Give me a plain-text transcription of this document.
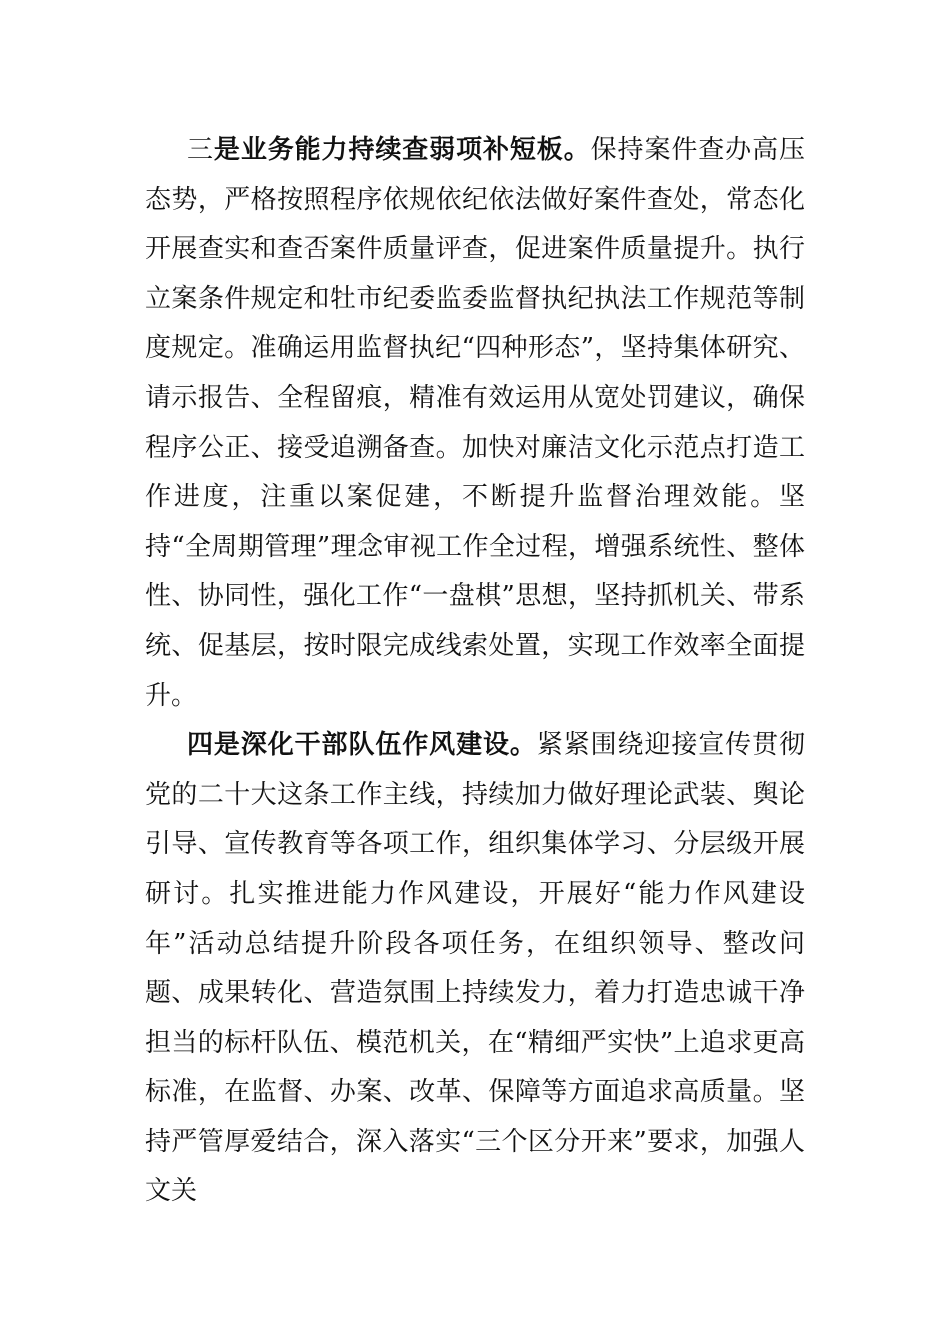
三是业务能力持续查弱项补短板。保持案件查办高压态势，严格按照程序依规依纪依法做好案件查处，常态化开展查实和查否案件质量评查，促进案件质量提升。执行立案条件规定和牡市纪委监委监督执纪执法工作规范等制度规定。准确运用监督执纪“四种形态”，坚持集体研究、请示报告、全程留痕，精准有效运用从宽处罚建议，确保程序公正、接受追溯备查。加快对廉洁文化示范点打造工作进度，注重以案促建，不断提升监督治理效能。坚持“全周期管理”理念审视工作全过程，增强系统性、整体性、协同性，强化工作“一盘棋”思想，坚持抓机关、带系统、促基层，按时限完成线索处置，实现工作效率全面提升。

四是深化干部队伍作风建设。紧紧围绕迎接宣传贯彻党的二十大这条工作主线，持续加力做好理论武装、舆论引导、宣传教育等各项工作，组织集体学习、分层级开展研讨。扎实推进能力作风建设，开展好“能力作风建设年”活动总结提升阶段各项任务，在组织领导、整改问题、成果转化、营造氛围上持续发力，着力打造忠诚干净担当的标杆队伍、模范机关，在“精细严实快”上追求更高标准，在监督、办案、改革、保障等方面追求高质量。坚持严管厚爱结合，深入落实“三个区分开来”要求，加强人文关
